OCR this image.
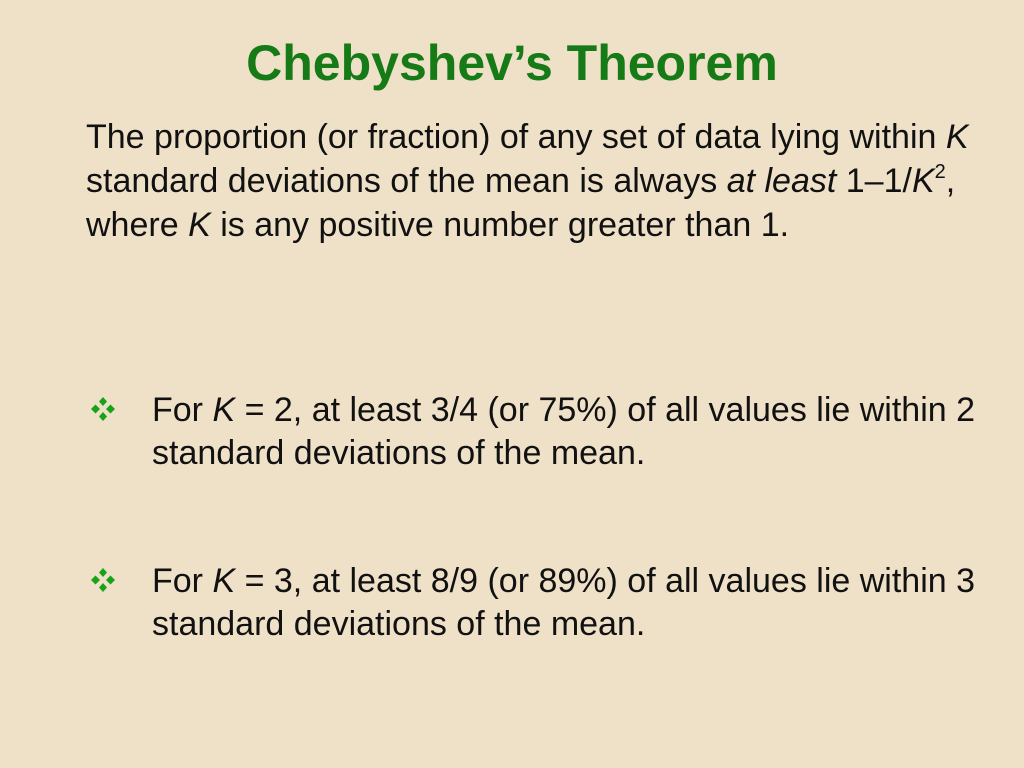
Chebyshev’s Theorem

The proportion (or fraction) of any set of data lying within K standard deviations of the mean is always at least $1-1/K^2$, where K is any positive number greater than 1.

For K = 2, at least 3/4 (or 75%) of all values lie within 2 standard deviations of the mean.
For K = 3, at least 8/9 (or 89%) of all values lie within 3 standard deviations of the mean.
